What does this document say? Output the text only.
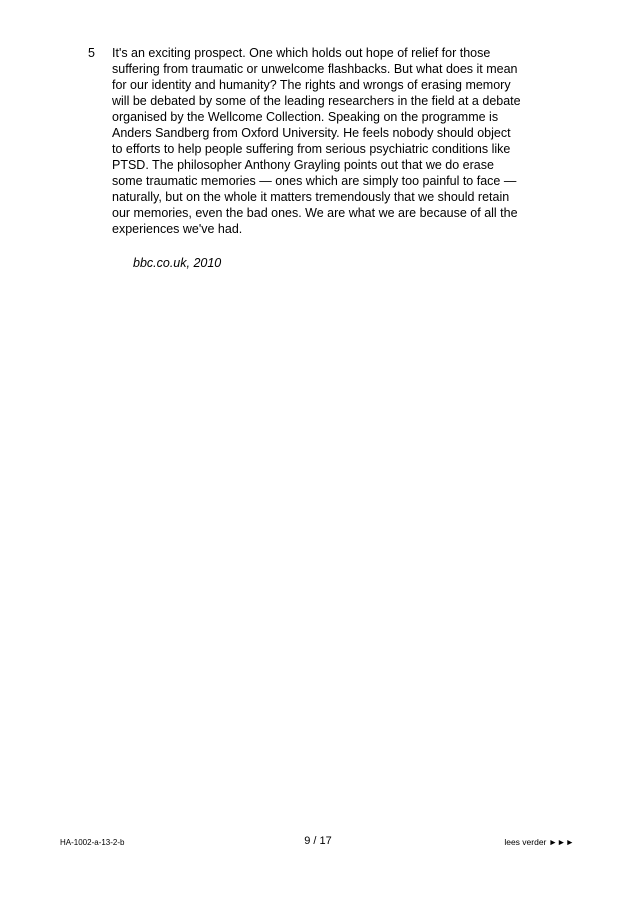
5 It's an exciting prospect. One which holds out hope of relief for those
suffering from traumatic or unwelcome flashbacks. But what does it mean
for our identity and humanity? The rights and wrongs of erasing memory
will be debated by some of the leading researchers in the field at a debate
organised by the Wellcome Collection. Speaking on the programme is
Anders Sandberg from Oxford University. He feels nobody should object
to efforts to help people suffering from serious psychiatric conditions like
PTSD. The philosopher Anthony Grayling points out that we do erase
some traumatic memories — ones which are simply too painful to face —
naturally, but on the whole it matters tremendously that we should retain
our memories, even the bad ones. We are what we are because of all the
experiences we've had.
bbc.co.uk, 2010
HA-1002-a-13-2-b	9 / 17	lees verder ►►►
